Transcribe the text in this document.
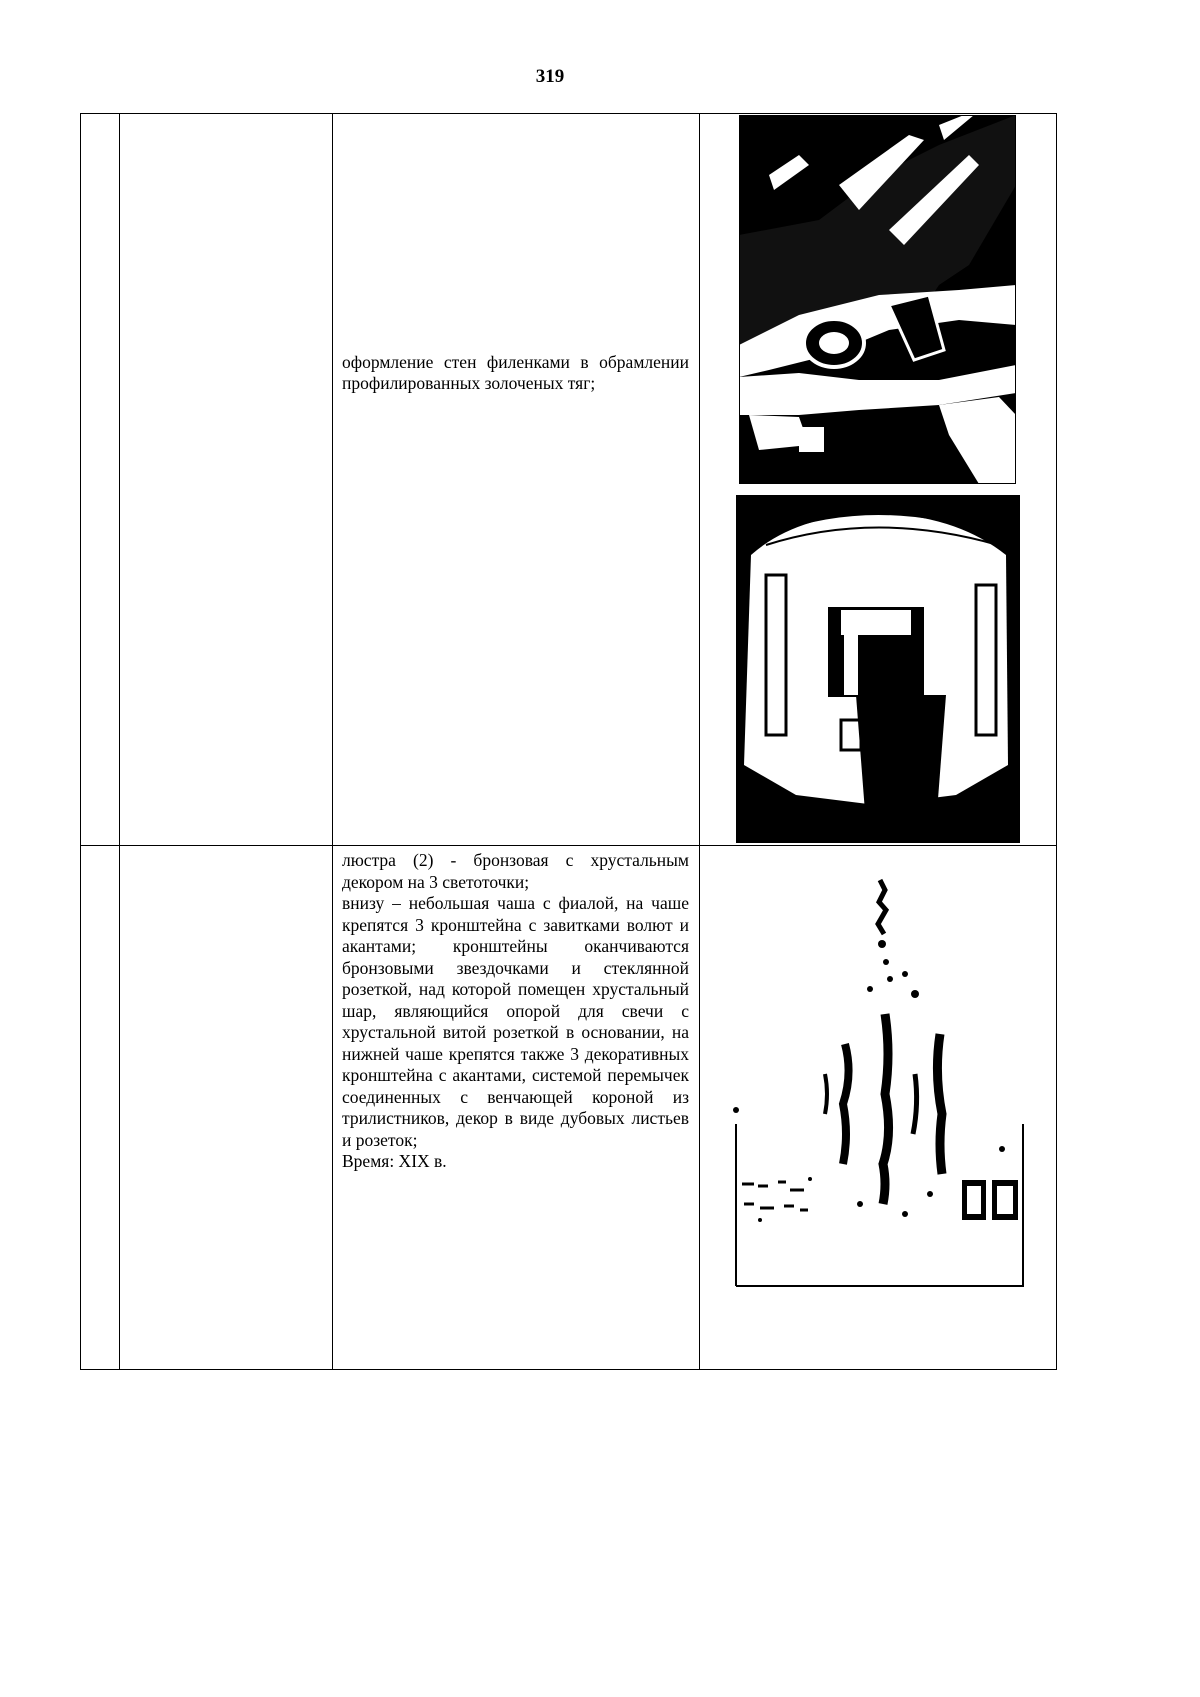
319

		оформление стен филенками в обрамлении профилированных золоченых тяг;

		люстра (2) - бронзовая с хрустальным декором на 3 светоточки;

внизу – небольшая чаша с фиалой, на чаше крепятся 3 кронштейна с завитками волют и акантами; кронштейны оканчиваются бронзовыми звездочками и стеклянной розеткой, над которой помещен хрустальный шар, являющийся опорой для свечи с хрустальной витой розеткой в основании, на нижней чаше крепятся также 3 декоративных кронштейна с акантами, системой перемычек соединенных с венчающей короной из трилистников, декор в виде дубовых листьев и розеток;

Время: XIX в.
